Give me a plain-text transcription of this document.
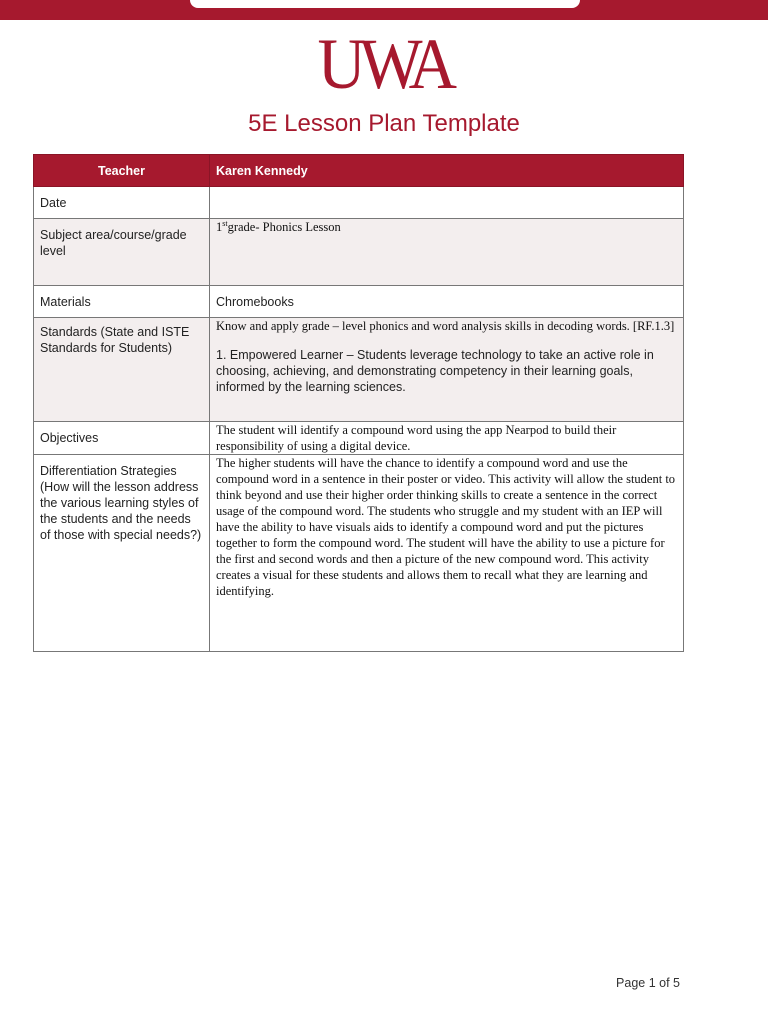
UWA
5E Lesson Plan Template
Teacher	Karen Kennedy
Date	
Subject area/course/grade level	1stgrade- Phonics Lesson

Materials	Chromebooks
Standards (State and ISTE Standards for Students)	Know and apply grade – level phonics and word analysis skills in decoding words. [RF.1.3]
1. Empowered Learner – Students leverage technology to take an active role in choosing, achieving, and demonstrating competency in their learning goals, informed by the learning sciences.

Objectives	The student will identify a compound word using the app Nearpod to build their responsibility of using a digital device.
Differentiation Strategies (How will the lesson address the various learning styles of the students and the needs of those with special needs?)	The higher students will have the chance to identify a compound word and use the compound word in a sentence in their poster or video. This activity will allow the student to think beyond and use their higher order thinking skills to create a sentence in the correct usage of the compound word. The students who struggle and my student with an IEP will have the ability to have visuals aids to identify a compound word and put the pictures together to form the compound word. The student will have the ability to use a picture for the first and second words and then a picture of the new compound word. This activity creates a visual for these students and allows them to recall what they are learning and identifying.
Page 1 of 5
